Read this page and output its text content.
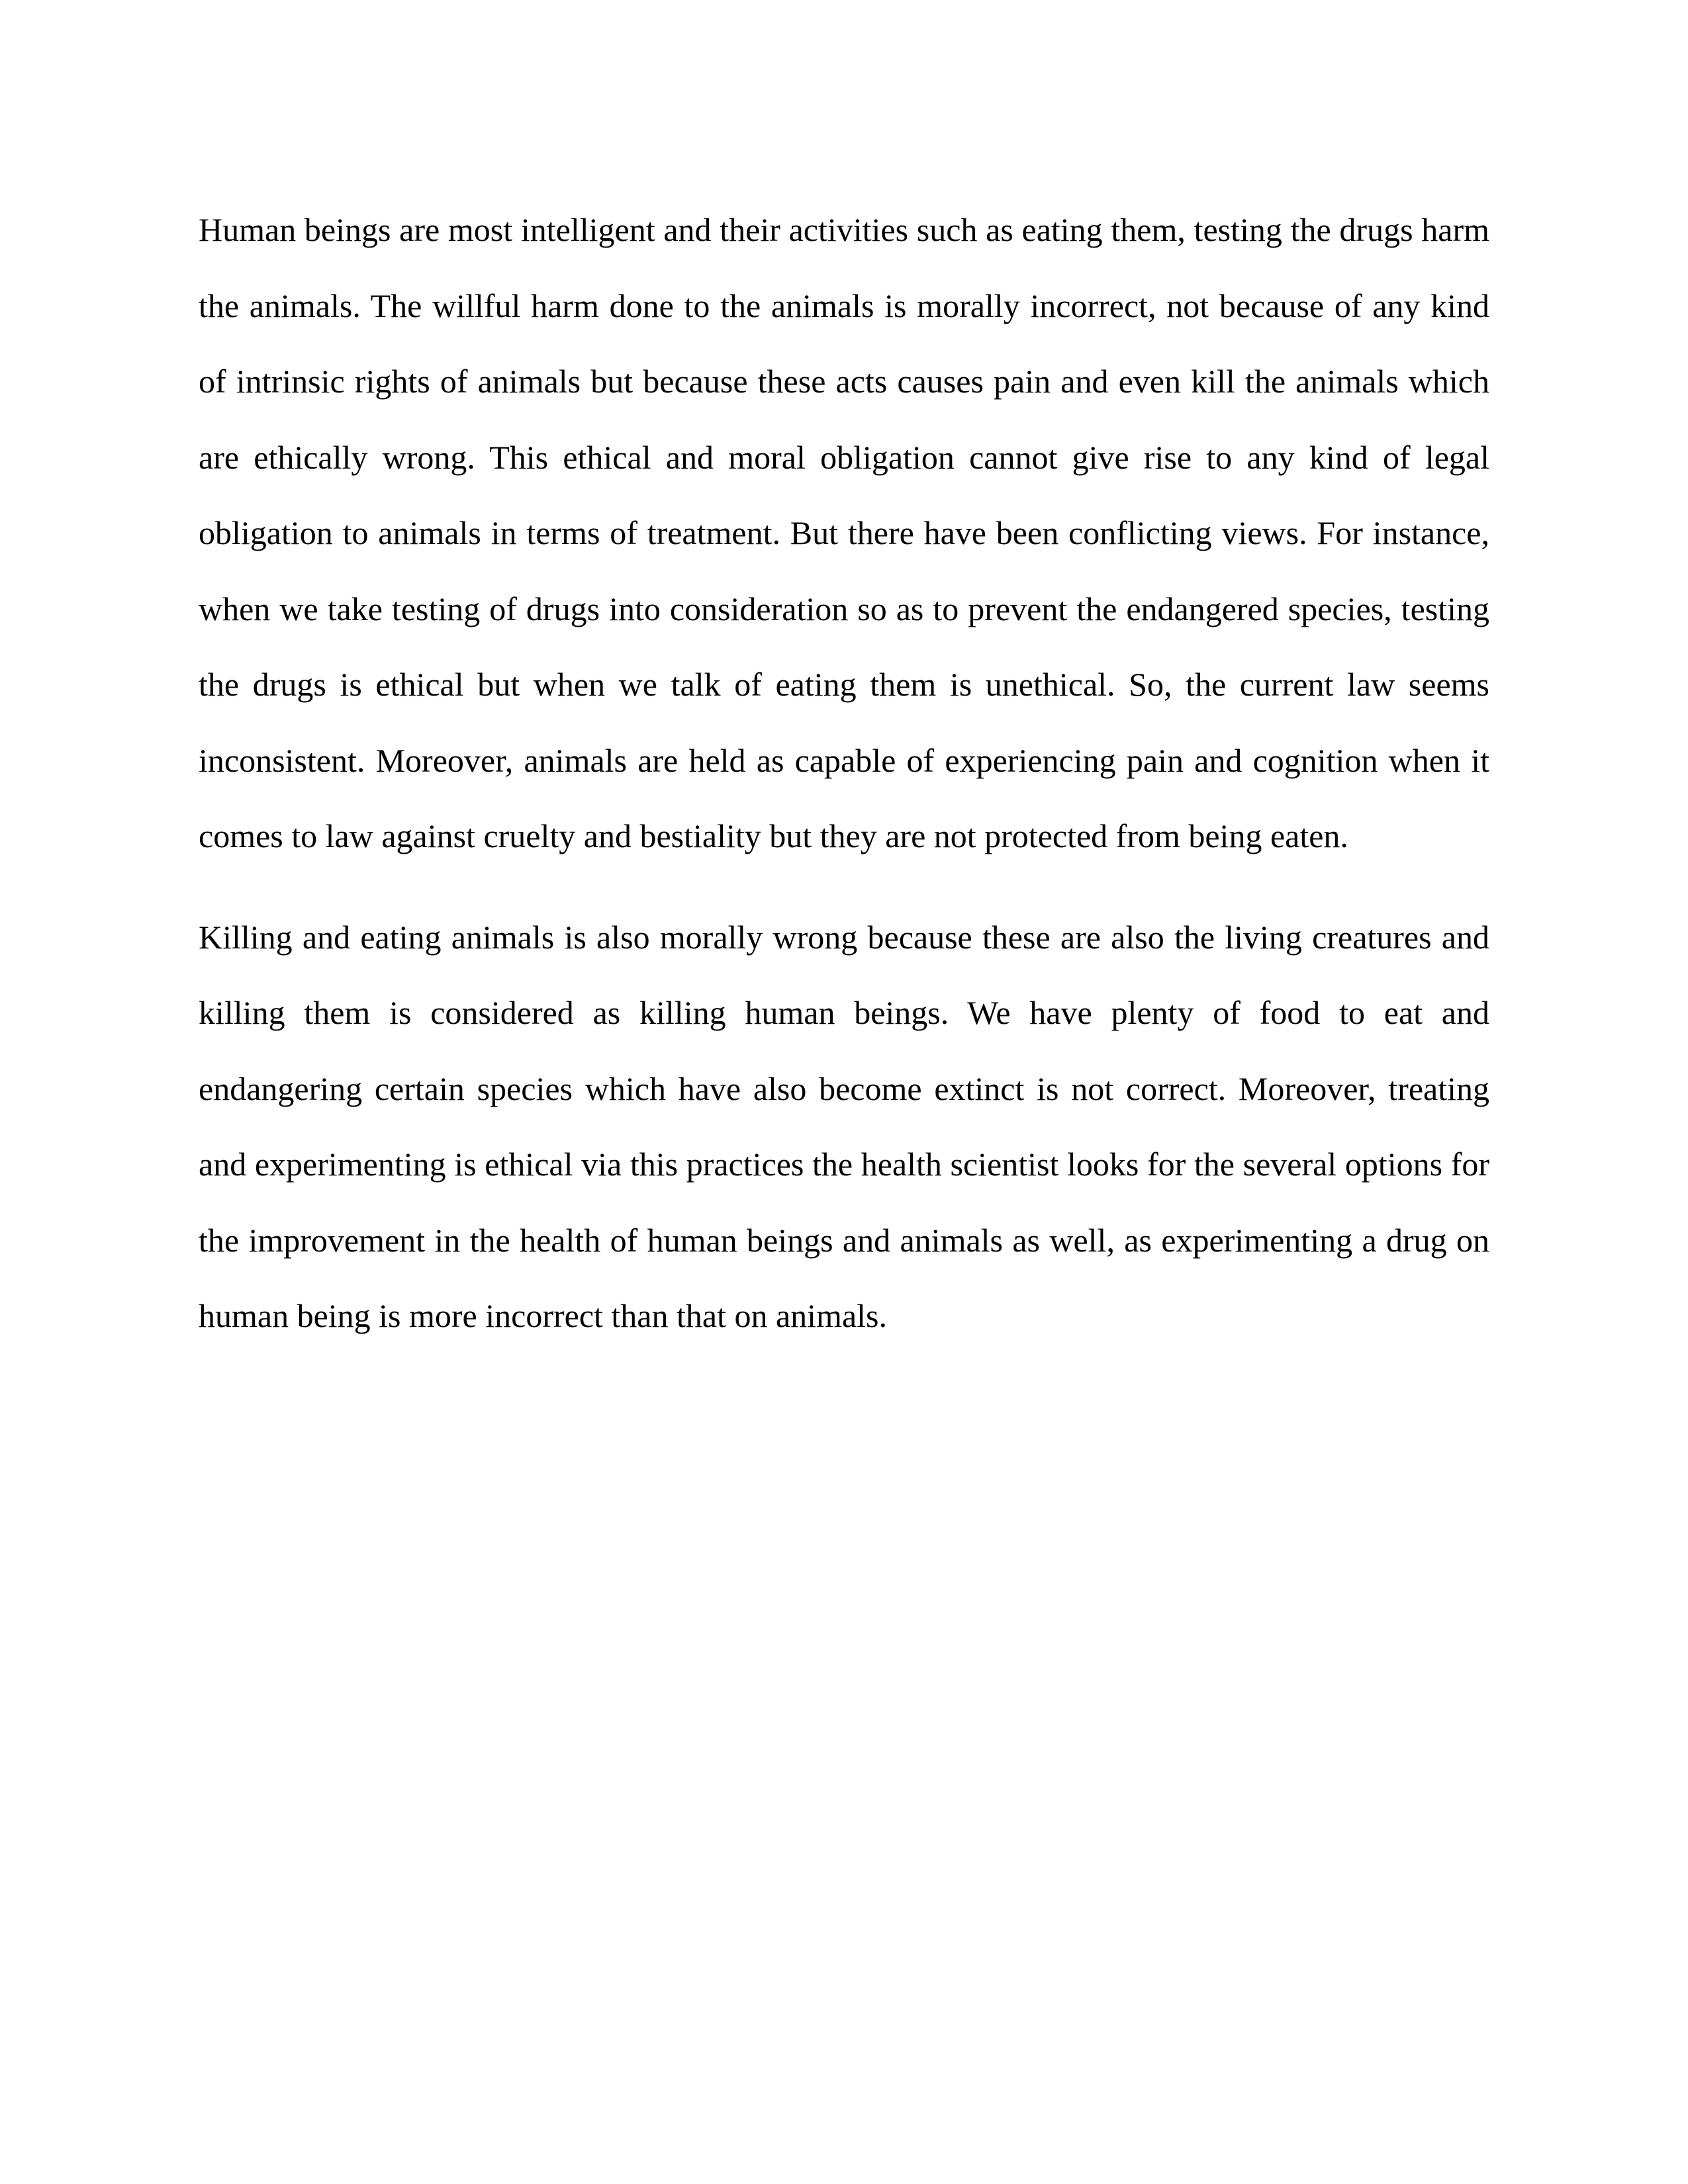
Human beings are most intelligent and their activities such as eating them, testing the drugs harm the animals. The willful harm done to the animals is morally incorrect, not because of any kind of intrinsic rights of animals but because these acts causes pain and even kill the animals which are ethically wrong. This ethical and moral obligation cannot give rise to any kind of legal obligation to animals in terms of treatment. But there have been conflicting views. For instance, when we take testing of drugs into consideration so as to prevent the endangered species, testing the drugs is ethical but when we talk of eating them is unethical. So, the current law seems inconsistent. Moreover, animals are held as capable of experiencing pain and cognition when it comes to law against cruelty and bestiality but they are not protected from being eaten.

Killing and eating animals is also morally wrong because these are also the living creatures and killing them is considered as killing human beings. We have plenty of food to eat and endangering certain species which have also become extinct is not correct. Moreover, treating and experimenting is ethical via this practices the health scientist looks for the several options for the improvement in the health of human beings and animals as well, as experimenting a drug on human being is more incorrect than that on animals.
